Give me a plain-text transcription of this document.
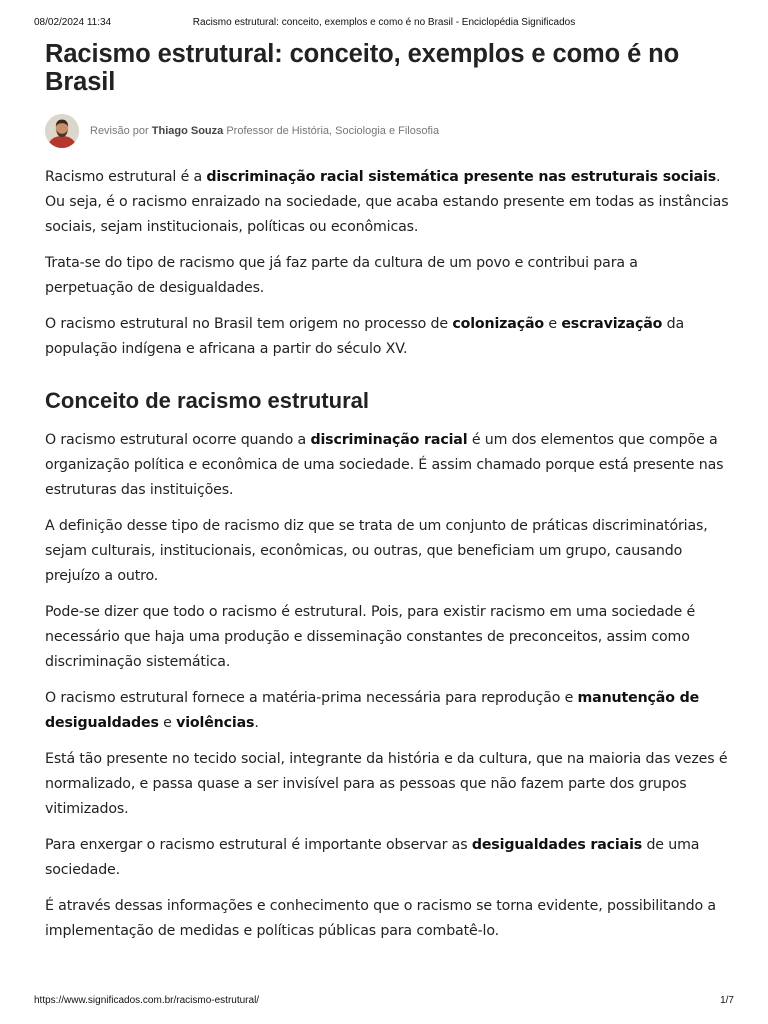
Racismo estrutural: conceito, exemplos e como é no Brasil - Enciclopédia Significados
08/02/2024 11:34
Racismo estrutural: conceito, exemplos e como é no Brasil
Revisão por Thiago Souza Professor de História, Sociologia e Filosofia

Racismo estrutural é a discriminação racial sistemática presente nas estruturais sociais. Ou seja, é o racismo enraizado na sociedade, que acaba estando presente em todas as instâncias sociais, sejam institucionais, políticas ou econômicas.

Trata-se do tipo de racismo que já faz parte da cultura de um povo e contribui para a perpetuação de desigualdades.

O racismo estrutural no Brasil tem origem no processo de colonização e escravização da população indígena e africana a partir do século XV.

Conceito de racismo estrutural

O racismo estrutural ocorre quando a discriminação racial é um dos elementos que compõe a organização política e econômica de uma sociedade. É assim chamado porque está presente nas estruturas das instituições.

A definição desse tipo de racismo diz que se trata de um conjunto de práticas discriminatórias, sejam culturais, institucionais, econômicas, ou outras, que beneficiam um grupo, causando prejuízo a outro.

Pode-se dizer que todo o racismo é estrutural. Pois, para existir racismo em uma sociedade é necessário que haja uma produção e disseminação constantes de preconceitos, assim como discriminação sistemática.

O racismo estrutural fornece a matéria-prima necessária para reprodução e manutenção de desigualdades e violências.

Está tão presente no tecido social, integrante da história e da cultura, que na maioria das vezes é normalizado, e passa quase a ser invisível para as pessoas que não fazem parte dos grupos vitimizados.

Para enxergar o racismo estrutural é importante observar as desigualdades raciais de uma sociedade.

É através dessas informações e conhecimento que o racismo se torna evidente, possibilitando a implementação de medidas e políticas públicas para combatê-lo.

https://www.significados.com.br/racismo-estrutural/	1/7
